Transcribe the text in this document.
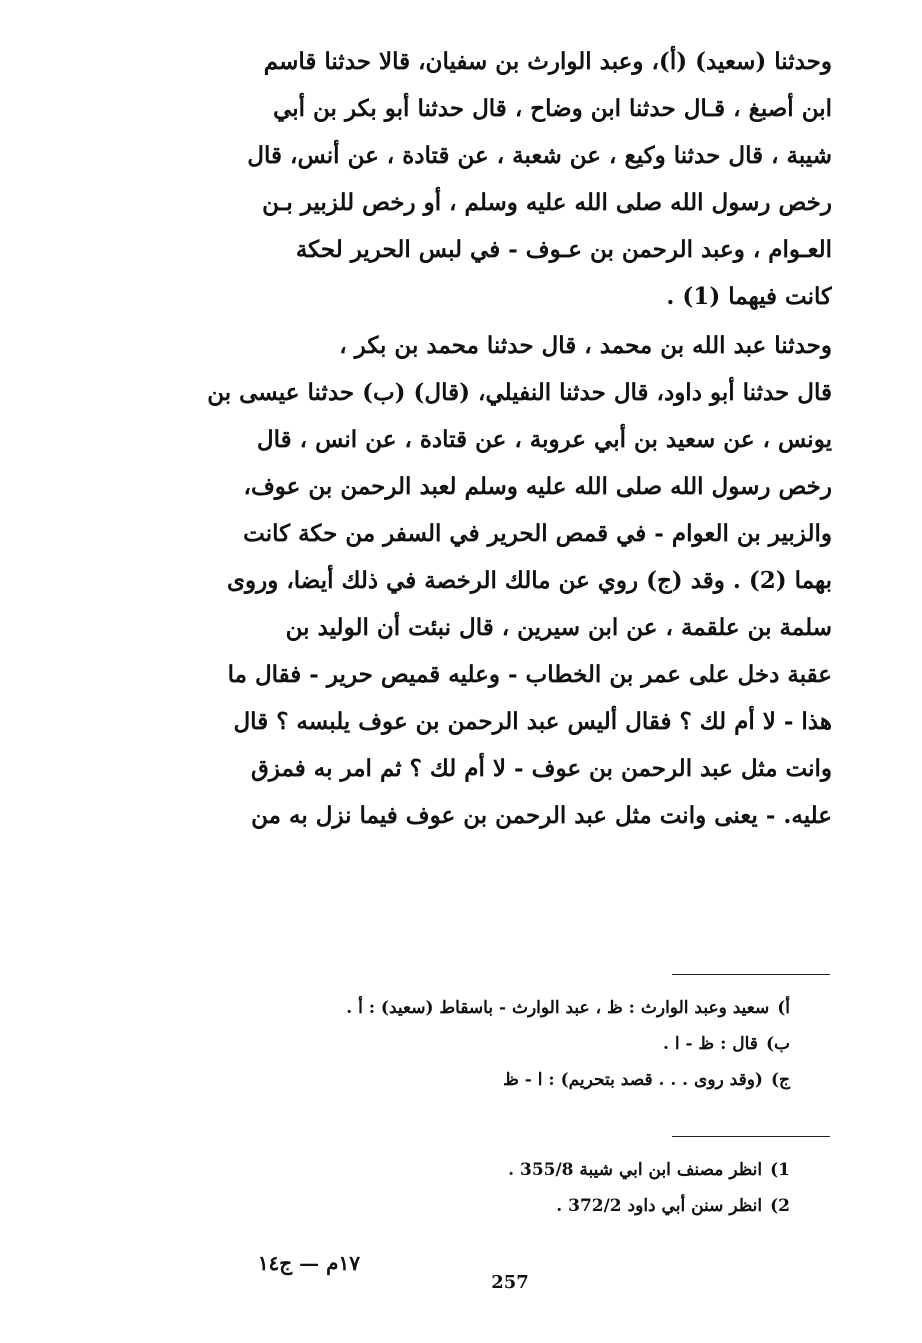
وحدثنا (سعيد) (أ)، وعبد الوارث بن سفيان، قالا حدثنا قاسم
ابن أصبغ ، قـال حدثنا ابن وضاح ، قال حدثنا أبو بكر بن أبي
شيبة ، قال حدثنا وكيع ، عن شعبة ، عن قتادة ، عن أنس، قال
رخص رسول الله صلى الله عليه وسلم ، أو رخص للزبير بـن
العـوام ، وعبد الرحمن بن عـوف - في لبس الحرير لحكة
كانت فيهما (1) .
وحدثنا عبد الله بن محمد ، قال حدثنا محمد بن بكر ،
قال حدثنا أبو داود، قال حدثنا النفيلي، (قال) (ب) حدثنا عيسى بن
يونس ، عن سعيد بن أبي عروبة ، عن قتادة ، عن انس ، قال
رخص رسول الله صلى الله عليه وسلم لعبد الرحمن بن عوف،
والزبير بن العوام - في قمص الحرير في السفر من حكة كانت
بهما (2) . وقد (ج) روي عن مالك الرخصة في ذلك أيضا، وروى
سلمة بن علقمة ، عن ابن سيرين ، قال نبئت أن الوليد بن
عقبة دخل على عمر بن الخطاب - وعليه قميص حرير - فقال ما
هذا - لا أم لك ؟ فقال أليس عبد الرحمن بن عوف يلبسه ؟ قال
وانت مثل عبد الرحمن بن عوف - لا أم لك ؟ ثم امر به فمزق
عليه. - يعنى وانت مثل عبد الرحمن بن عوف فيما نزل به من
أ)سعيد وعبد الوارث : ظ ، عبد الوارث - باسقاط (سعيد) : أ .
ب)قال : ظ - ا .
ج)(وقد روى . . . قصد بتحريم) : ا - ظ
1)انظر مصنف ابن ابي شيبة 355/8 .
2)انظر سنن أبي داود 372/2 .
١٧م — ج١٤
257
